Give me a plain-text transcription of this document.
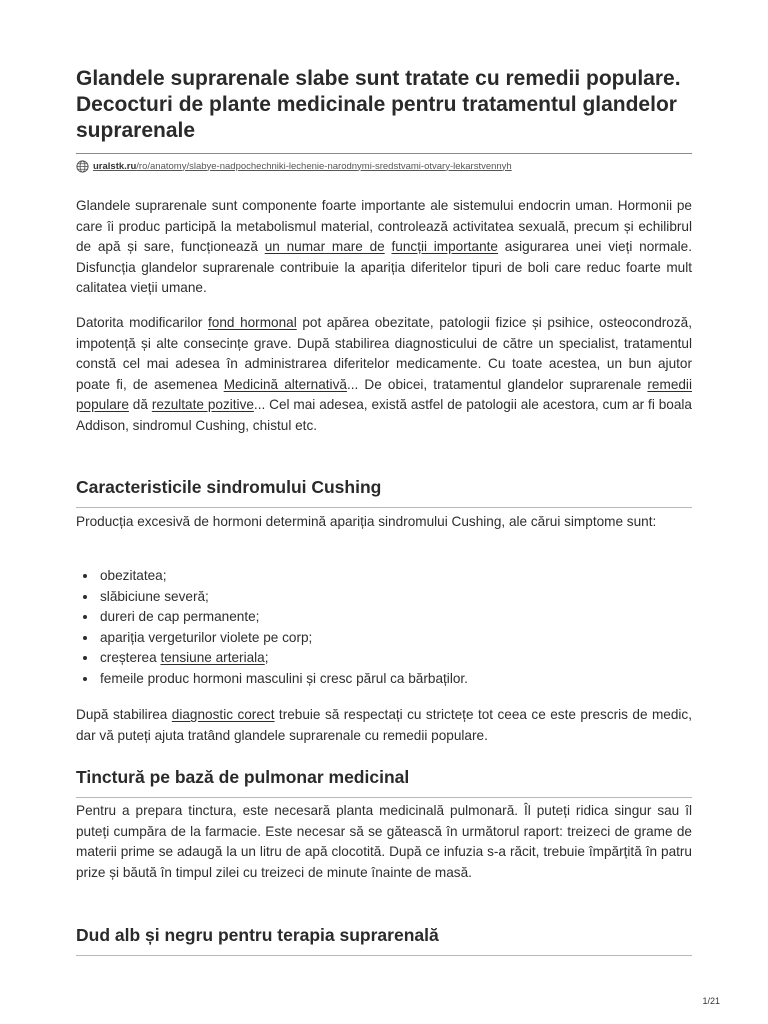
Glandele suprarenale slabe sunt tratate cu remedii populare. Decocturi de plante medicinale pentru tratamentul glandelor suprarenale
uralstk.ru/ro/anatomy/slabye-nadpochechniki-lechenie-narodnymi-sredstvami-otvary-lekarstvennyh

Glandele suprarenale sunt componente foarte importante ale sistemului endocrin uman. Hormonii pe care îi produc participă la metabolismul material, controlează activitatea sexuală, precum și echilibrul de apă și sare, funcționează un numar mare de funcții importante asigurarea unei vieți normale. Disfuncția glandelor suprarenale contribuie la apariția diferitelor tipuri de boli care reduc foarte mult calitatea vieții umane.

Datorita modificarilor fond hormonal pot apărea obezitate, patologii fizice și psihice, osteocondroză, impotență și alte consecințe grave. După stabilirea diagnosticului de către un specialist, tratamentul constă cel mai adesea în administrarea diferitelor medicamente. Cu toate acestea, un bun ajutor poate fi, de asemenea Medicină alternativă... De obicei, tratamentul glandelor suprarenale remedii populare dă rezultate pozitive... Cel mai adesea, există astfel de patologii ale acestora, cum ar fi boala Addison, sindromul Cushing, chistul etc.

Caracteristicile sindromului Cushing

Producția excesivă de hormoni determină apariția sindromului Cushing, ale cărui simptome sunt:

• obezitatea;
• slăbiciune severă;
• dureri de cap permanente;
• apariția vergeturilor violete pe corp;
• creșterea tensiune arteriala;
• femeile produc hormoni masculini și cresc părul ca bărbaților.

După stabilirea diagnostic corect trebuie să respectați cu strictețe tot ceea ce este prescris de medic, dar vă puteți ajuta tratând glandele suprarenale cu remedii populare.

Tinctură pe bază de pulmonar medicinal

Pentru a prepara tinctura, este necesară planta medicinală pulmonară. Îl puteți ridica singur sau îl puteți cumpăra de la farmacie. Este necesar să se gătească în următorul raport: treizeci de grame de materii prime se adaugă la un litru de apă clocotită. După ce infuzia s-a răcit, trebuie împărțită în patru prize și băută în timpul zilei cu treizeci de minute înainte de masă.

Dud alb și negru pentru terapia suprarenală
1/21
